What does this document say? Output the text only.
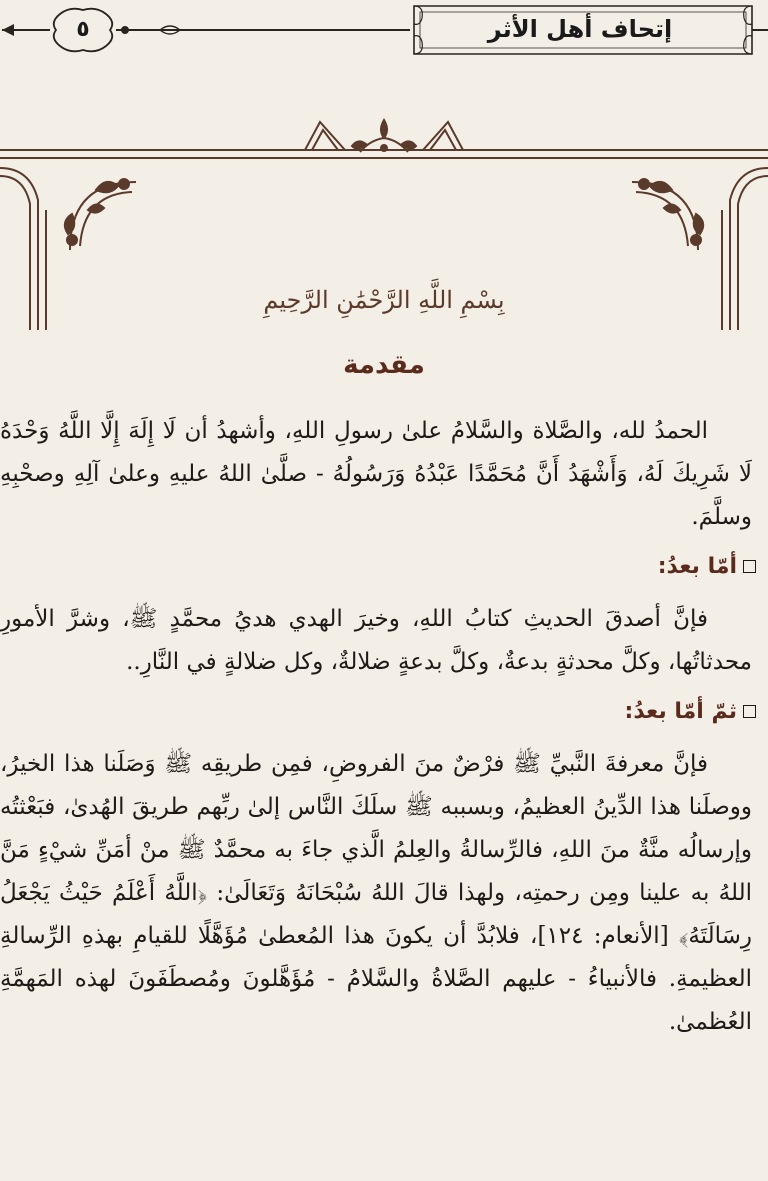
إتحاف أهل الأثر
٥
بِسْمِ اللَّهِ الرَّحْمَٰنِ الرَّحِيمِ
مقدمة

الحمدُ لله، والصَّلاة والسَّلامُ علىٰ رسولِ اللهِ، وأشهدُ أن لَا إِلَهَ إِلَّا اللَّهُ وَحْدَهُ لَا شَرِيكَ لَهُ، وَأَشْهَدُ أَنَّ مُحَمَّدًا عَبْدُهُ وَرَسُولُهُ - صلَّىٰ اللهُ عليهِ وعلىٰ آلِهِ وصحْبِهِ وسلَّمَ.

أمّا بعدُ:

فإنَّ أصدقَ الحديثِ كتابُ اللهِ، وخيرَ الهدي هديُ محمَّدٍ ﷺ، وشرَّ الأمورِ محدثاتُها، وكلَّ محدثةٍ بدعةٌ، وكلَّ بدعةٍ ضلالةٌ، وكل ضلالةٍ في النَّارِ..

ثمّ أمّا بعدُ:

فإنَّ معرفةَ النَّبيِّ ﷺ فرْضٌ منَ الفروضِ، فمِن طريقِه ﷺ وَصَلَنا هذا الخيرُ، ووصلَنا هذا الدِّينُ العظيمُ، وبسببه ﷺ سلَكَ النَّاس إلىٰ ربِّهم طريقَ الهُدىٰ، فبَعْثتُه وإرسالُه منَّةٌ منَ اللهِ، فالرِّسالةُ والعِلمُ الَّذي جاءَ به محمَّدٌ ﷺ منْ أمَنِّ شيْءٍ مَنَّ اللهُ به علينا ومِن رحمتِه، ولهذا قالَ اللهُ سُبْحَانَهُ وَتَعَالَىٰ: ﴿اللَّهُ أَعْلَمُ حَيْثُ يَجْعَلُ رِسَالَتَهُ﴾ [الأنعام: ١٢٤]، فلابُدَّ أن يكونَ هذا المُعطىٰ مُؤَهَّلًا للقيامِ بهذهِ الرِّسالةِ العظيمةِ. فالأنبياءُ - عليهم الصَّلاةُ والسَّلامُ - مُؤَهَّلونَ ومُصطَفَونَ لهذه المَهمَّةِ العُظمىٰ.
